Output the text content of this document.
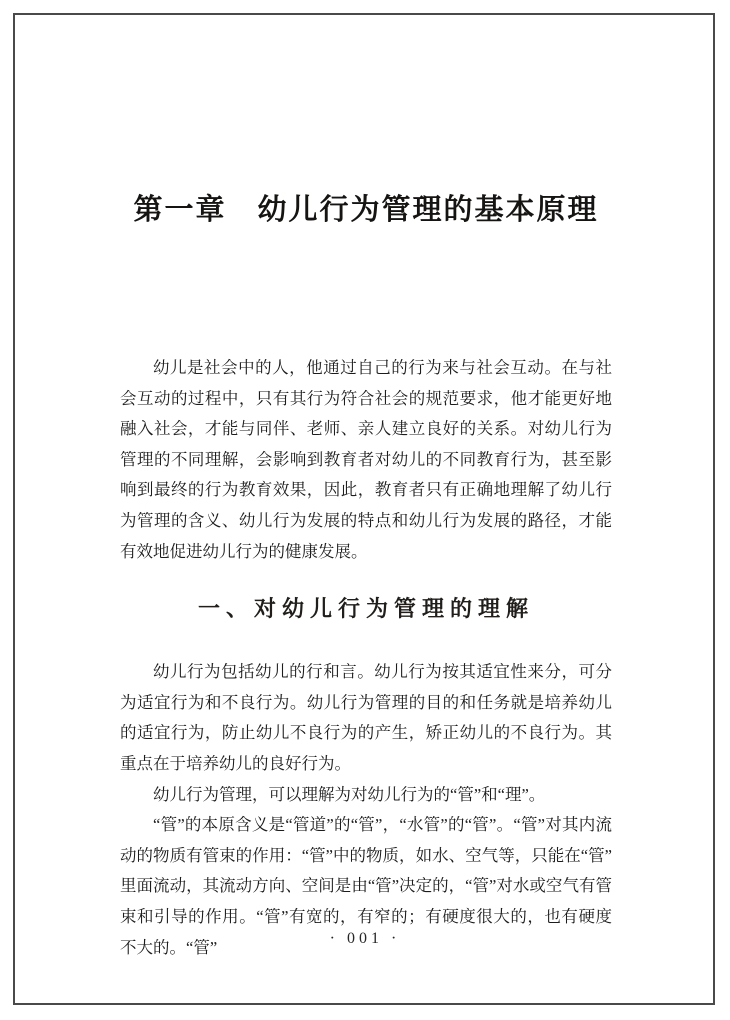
第一章　幼儿行为管理的基本原理

幼儿是社会中的人，他通过自己的行为来与社会互动。在与社会互动的过程中，只有其行为符合社会的规范要求，他才能更好地融入社会，才能与同伴、老师、亲人建立良好的关系。对幼儿行为管理的不同理解，会影响到教育者对幼儿的不同教育行为，甚至影响到最终的行为教育效果，因此，教育者只有正确地理解了幼儿行为管理的含义、幼儿行为发展的特点和幼儿行为发展的路径，才能有效地促进幼儿行为的健康发展。

一、对幼儿行为管理的理解

幼儿行为包括幼儿的行和言。幼儿行为按其适宜性来分，可分为适宜行为和不良行为。幼儿行为管理的目的和任务就是培养幼儿的适宜行为，防止幼儿不良行为的产生，矫正幼儿的不良行为。其重点在于培养幼儿的良好行为。

幼儿行为管理，可以理解为对幼儿行为的“管”和“理”。

“管”的本原含义是“管道”的“管”，“水管”的“管”。“管”对其内流动的物质有管束的作用：“管”中的物质，如水、空气等，只能在“管”里面流动，其流动方向、空间是由“管”决定的，“管”对水或空气有管束和引导的作用。“管”有宽的，有窄的；有硬度很大的，也有硬度不大的。“管”	· 001 ·
